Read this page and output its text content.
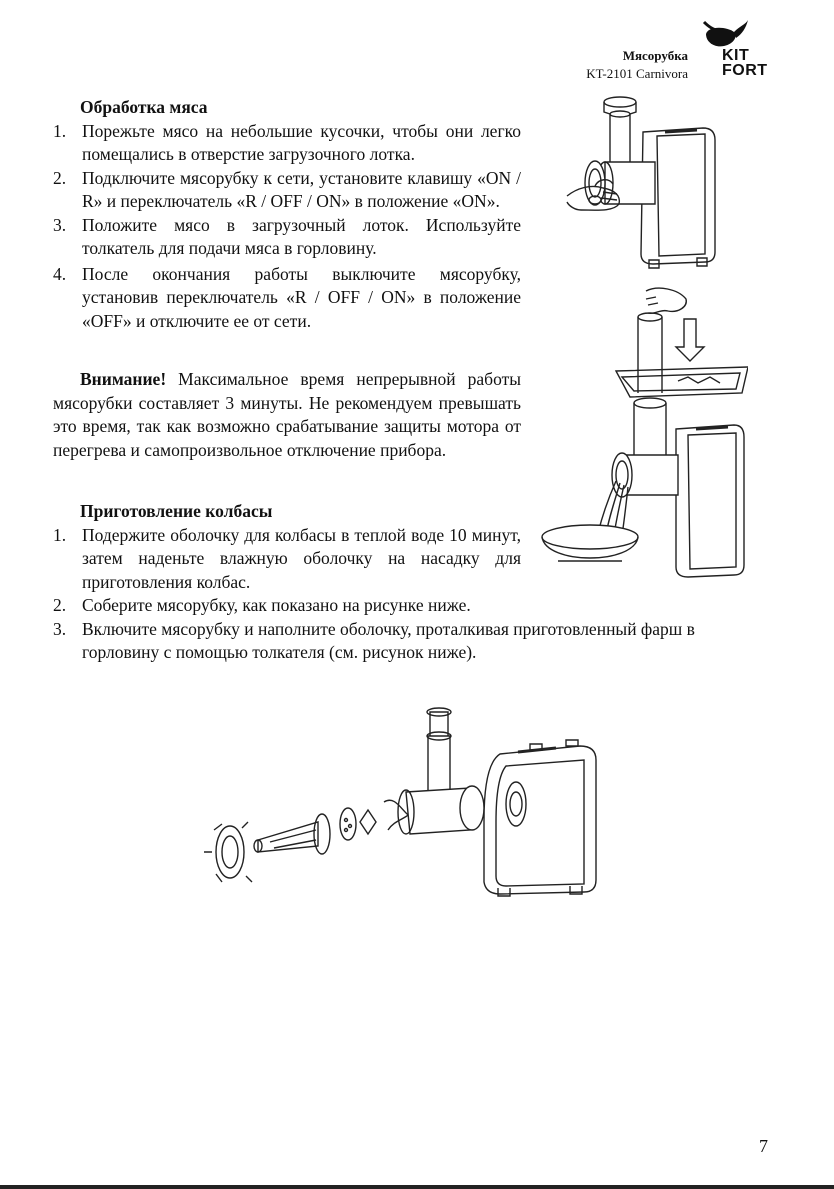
Мясорубка
KT-2101 Carnivora
KIT
FORT
Обработка мяса
1. Порежьте мясо на небольшие кусочки, чтобы они легко помещались в отверстие загрузочного лотка.
2. Подключите мясорубку к сети, установите клавишу «ON / R» и переключатель «R / OFF / ON» в положение «ON».
3. Положите мясо в загрузочный лоток. Используйте толкатель для подачи мяса в горловину.
4. После окончания работы выключите мясорубку, установив переключатель «R / OFF / ON» в положение «OFF» и отключите ее от сети.

Внимание! Максимальное время непрерывной работы мясорубки составляет 3 минуты. Не рекомендуем превышать это время, так как возможно срабатывание защиты мотора от перегрева и самопроизвольное отключение прибора.

Приготовление колбасы
1. Подержите оболочку для колбасы в теплой воде 10 минут, затем наденьте влажную оболочку на насадку для приготовления колбас.
2. Соберите мясорубку, как показано на рисунке ниже.
3. Включите мясорубку и наполните оболочку, проталкивая приготовленный фарш в горловину с помощью толкателя (см. рисунок ниже).
7
